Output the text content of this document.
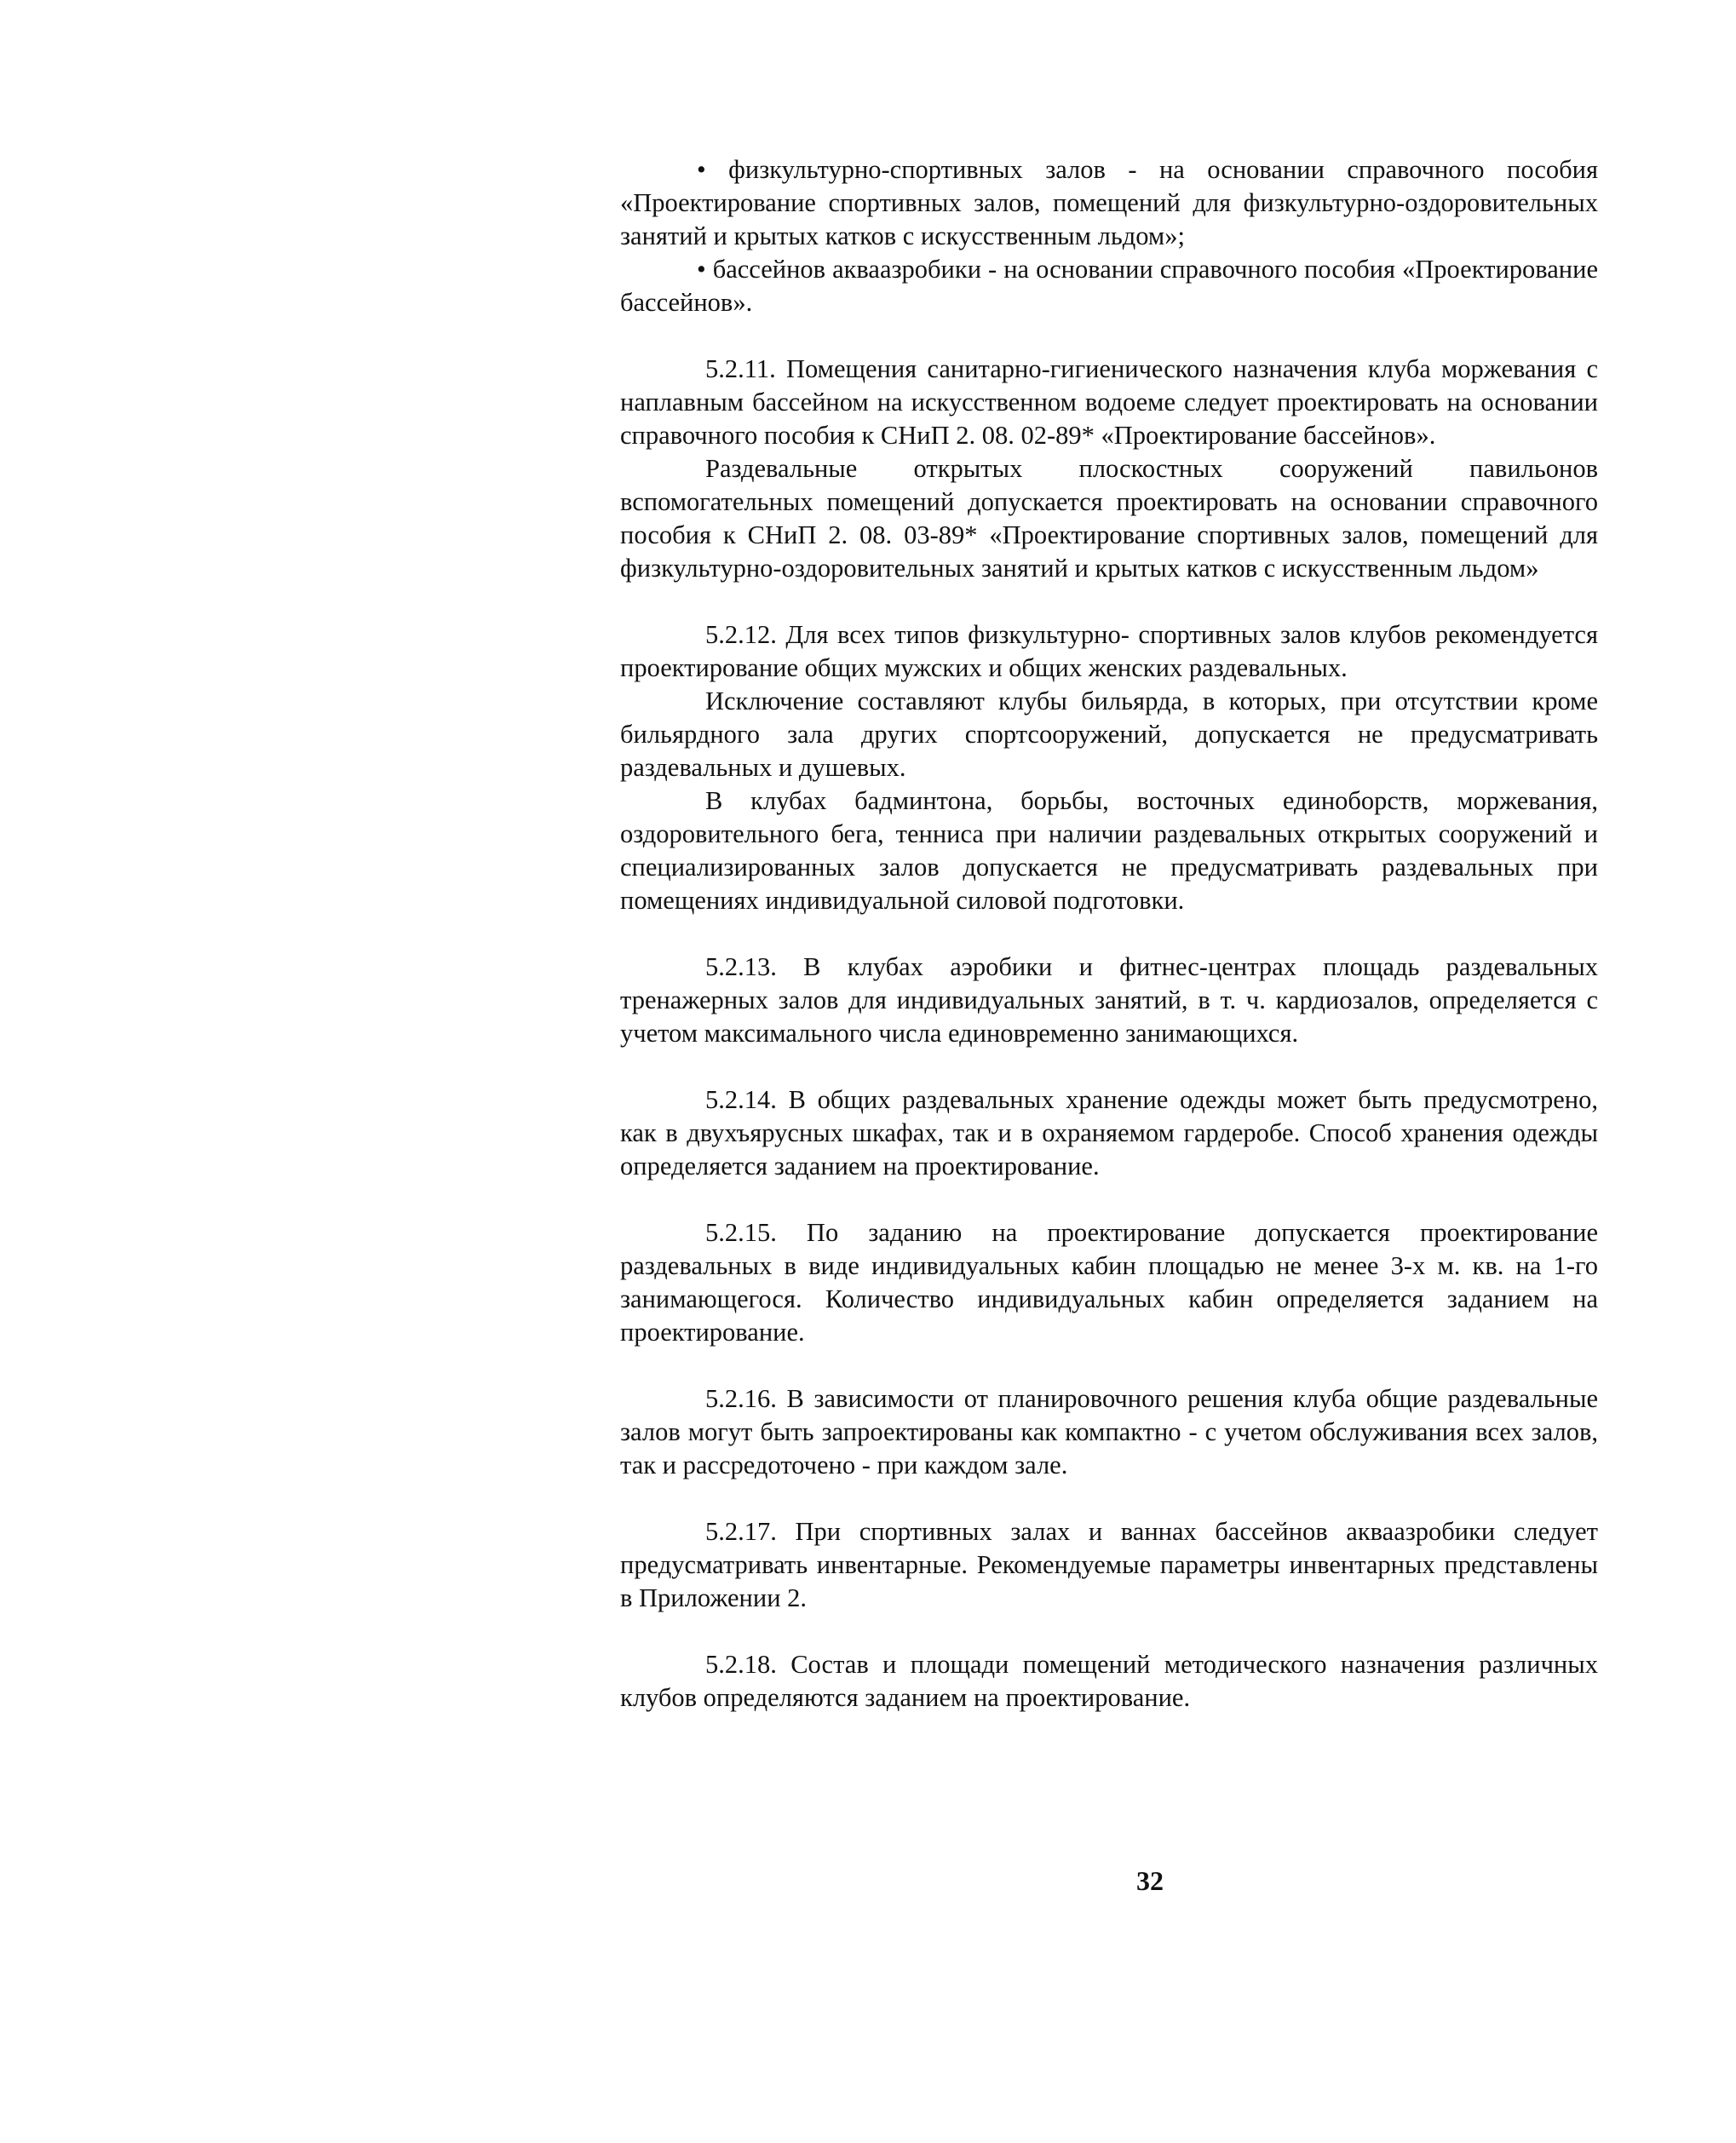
• физкультурно-спортивных залов - на основании справочного пособия «Проектирование спортивных залов, помещений для физкультурно-оздоровительных занятий и крытых катков с искусственным льдом»;

• бассейнов акваазробики - на основании справочного пособия «Проектирование бассейнов».

5.2.11. Помещения санитарно-гигиенического назначения клуба моржевания с наплавным бассейном на искусственном водоеме следует проектировать на основании справочного пособия к СНиП 2. 08. 02-89* «Проектирование бассейнов».

Раздевальные открытых плоскостных сооружений павильонов вспомогательных помещений допускается проектировать на основании справочного пособия к СНиП 2. 08. 03-89* «Проектирование спортивных залов, помещений для физкультурно-оздоровительных занятий и крытых катков с искусственным льдом»

5.2.12. Для всех типов физкультурно- спортивных залов клубов рекомендуется проектирование общих мужских и общих женских раздевальных.

Исключение составляют клубы бильярда, в которых, при отсутствии кроме бильярдного зала других спортсооружений, допускается не предусматривать раздевальных и душевых.

В клубах бадминтона, борьбы, восточных единоборств, моржевания, оздоровительного бега, тенниса при наличии раздевальных открытых сооружений и специализированных залов допускается не предусматривать раздевальных при помещениях индивидуальной силовой подготовки.

5.2.13. В клубах аэробики и фитнес-центрах площадь раздевальных тренажерных залов для индивидуальных занятий, в т. ч. кардиозалов, определяется с учетом максимального числа единовременно занимающихся.

5.2.14. В общих раздевальных хранение одежды может быть предусмотрено, как в двухъярусных шкафах, так и в охраняемом гардеробе. Способ хранения одежды определяется заданием на проектирование.

5.2.15. По заданию на проектирование допускается проектирование раздевальных в виде индивидуальных кабин площадью не менее 3-х м. кв. на 1-го занимающегося. Количество индивидуальных кабин определяется заданием на проектирование.

5.2.16. В зависимости от планировочного решения клуба общие раздевальные залов могут быть запроектированы как компактно - с учетом обслуживания всех залов, так и рассредоточено - при каждом зале.

5.2.17. При спортивных залах и ваннах бассейнов акваазробики следует предусматривать инвентарные. Рекомендуемые параметры инвентарных представлены в Приложении 2.

5.2.18. Состав и площади помещений методического назначения различных клубов определяются заданием на проектирование.

32
